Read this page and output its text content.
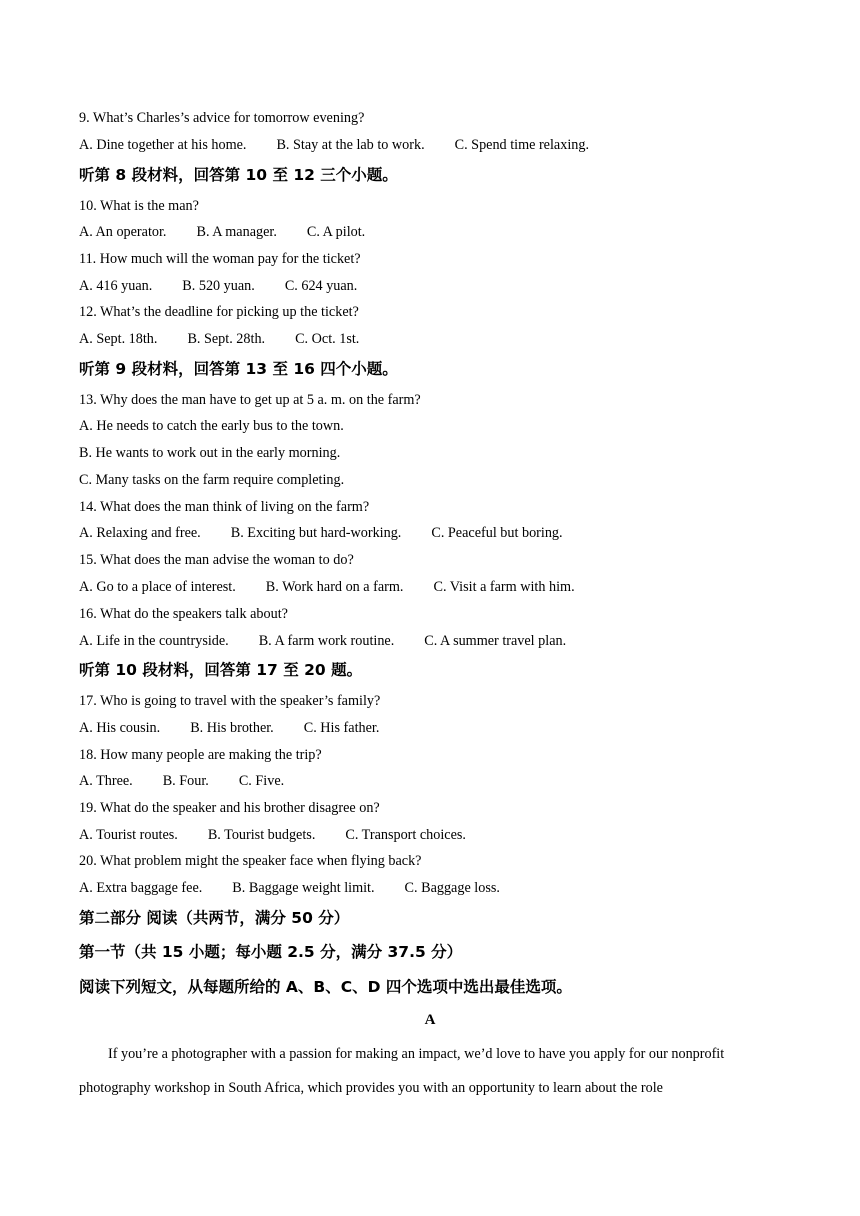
9. What’s Charles’s advice for tomorrow evening?
A. Dine together at his home. B. Stay at the lab to work. C. Spend time relaxing.
听第 8 段材料，回答第 10 至 12 三个小题。
10. What is the man?
A. An operator. B. A manager. C. A pilot.
11. How much will the woman pay for the ticket?
A. 416 yuan. B. 520 yuan. C. 624 yuan.
12. What’s the deadline for picking up the ticket?
A. Sept. 18th. B. Sept. 28th. C. Oct. 1st.
听第 9 段材料，回答第 13 至 16 四个小题。
13. Why does the man have to get up at 5 a. m. on the farm?
A. He needs to catch the early bus to the town.
B. He wants to work out in the early morning.
C. Many tasks on the farm require completing.
14. What does the man think of living on the farm?
A. Relaxing and free. B. Exciting but hard-working. C. Peaceful but boring.
15. What does the man advise the woman to do?
A. Go to a place of interest. B. Work hard on a farm. C. Visit a farm with him.
16. What do the speakers talk about?
A. Life in the countryside. B. A farm work routine. C. A summer travel plan.
听第 10 段材料，回答第 17 至 20 题。
17. Who is going to travel with the speaker’s family?
A. His cousin. B. His brother. C. His father.
18. How many people are making the trip?
A. Three. B. Four. C. Five.
19. What do the speaker and his brother disagree on?
A. Tourist routes. B. Tourist budgets. C. Transport choices.
20. What problem might the speaker face when flying back?
A. Extra baggage fee. B. Baggage weight limit. C. Baggage loss.
第二部分 阅读（共两节，满分 50 分）
第一节（共 15 小题；每小题 2.5 分，满分 37.5 分）
阅读下列短文，从每题所给的 A、B、C、D 四个选项中选出最佳选项。
A
If you’re a photographer with a passion for making an impact, we’d love to have you apply for our nonprofit
photography workshop in South Africa, which provides you with an opportunity to learn about the role
